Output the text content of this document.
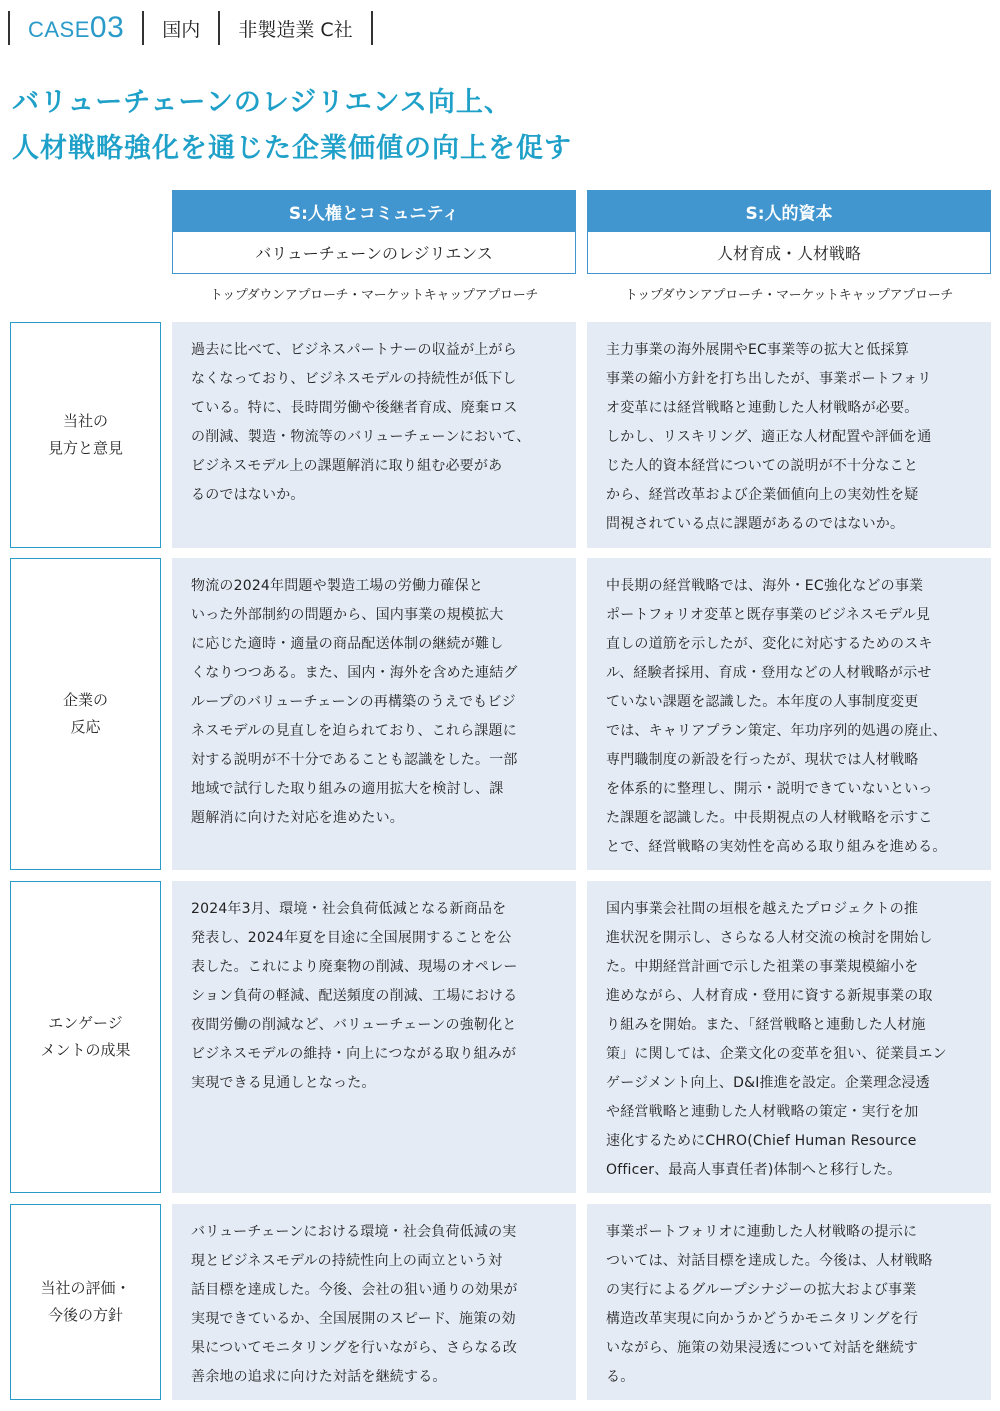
CASE03	国内	非製造業 C社
バリューチェーンのレジリエンス向上、
人材戦略強化を通じた企業価値の向上を促す
S:人権とコミュニティ
バリューチェーンのレジリエンス
トップダウンアプローチ・マーケットキャップアプローチ
S:人的資本
人材育成・人材戦略
トップダウンアプローチ・マーケットキャップアプローチ
当社の
見方と意見
過去に比べて、ビジネスパートナーの収益が上がら
なくなっており、ビジネスモデルの持続性が低下し
ている。特に、長時間労働や後継者育成、廃棄ロス
の削減、製造・物流等のバリューチェーンにおいて、
ビジネスモデル上の課題解消に取り組む必要があ
るのではないか。
主力事業の海外展開やEC事業等の拡大と低採算
事業の縮小方針を打ち出したが、事業ポートフォリ
オ変革には経営戦略と連動した人材戦略が必要。
しかし、リスキリング、適正な人材配置や評価を通
じた人的資本経営についての説明が不十分なこと
から、経営改革および企業価値向上の実効性を疑
問視されている点に課題があるのではないか。
企業の
反応
物流の2024年問題や製造工場の労働力確保と
いった外部制約の問題から、国内事業の規模拡大
に応じた適時・適量の商品配送体制の継続が難し
くなりつつある。また、国内・海外を含めた連結グ
ループのバリューチェーンの再構築のうえでもビジ
ネスモデルの見直しを迫られており、これら課題に
対する説明が不十分であることも認識をした。一部
地域で試行した取り組みの適用拡大を検討し、課
題解消に向けた対応を進めたい。
中長期の経営戦略では、海外・EC強化などの事業
ポートフォリオ変革と既存事業のビジネスモデル見
直しの道筋を示したが、変化に対応するためのスキ
ル、経験者採用、育成・登用などの人材戦略が示せ
ていない課題を認識した。本年度の人事制度変更
では、キャリアプラン策定、年功序列的処遇の廃止、
専門職制度の新設を行ったが、現状では人材戦略
を体系的に整理し、開示・説明できていないといっ
た課題を認識した。中長期視点の人材戦略を示すこ
とで、経営戦略の実効性を高める取り組みを進める。
エンゲージ
メントの成果
2024年3月、環境・社会負荷低減となる新商品を
発表し、2024年夏を目途に全国展開することを公
表した。これにより廃棄物の削減、現場のオペレー
ション負荷の軽減、配送頻度の削減、工場における
夜間労働の削減など、バリューチェーンの強靭化と
ビジネスモデルの維持・向上につながる取り組みが
実現できる見通しとなった。
国内事業会社間の垣根を越えたプロジェクトの推
進状況を開示し、さらなる人材交流の検討を開始し
た。中期経営計画で示した祖業の事業規模縮小を
進めながら、人材育成・登用に資する新規事業の取
り組みを開始。また、「経営戦略と連動した人材施
策」に関しては、企業文化の変革を狙い、従業員エン
ゲージメント向上、D&I推進を設定。企業理念浸透
や経営戦略と連動した人材戦略の策定・実行を加
速化するためにCHRO(Chief Human Resource
Officer、最高人事責任者)体制へと移行した。
当社の評価・
今後の方針
バリューチェーンにおける環境・社会負荷低減の実
現とビジネスモデルの持続性向上の両立という対
話目標を達成した。今後、会社の狙い通りの効果が
実現できているか、全国展開のスピード、施策の効
果についてモニタリングを行いながら、さらなる改
善余地の追求に向けた対話を継続する。
事業ポートフォリオに連動した人材戦略の提示に
ついては、対話目標を達成した。今後は、人材戦略
の実行によるグループシナジーの拡大および事業
構造改革実現に向かうかどうかモニタリングを行
いながら、施策の効果浸透について対話を継続す
る。
